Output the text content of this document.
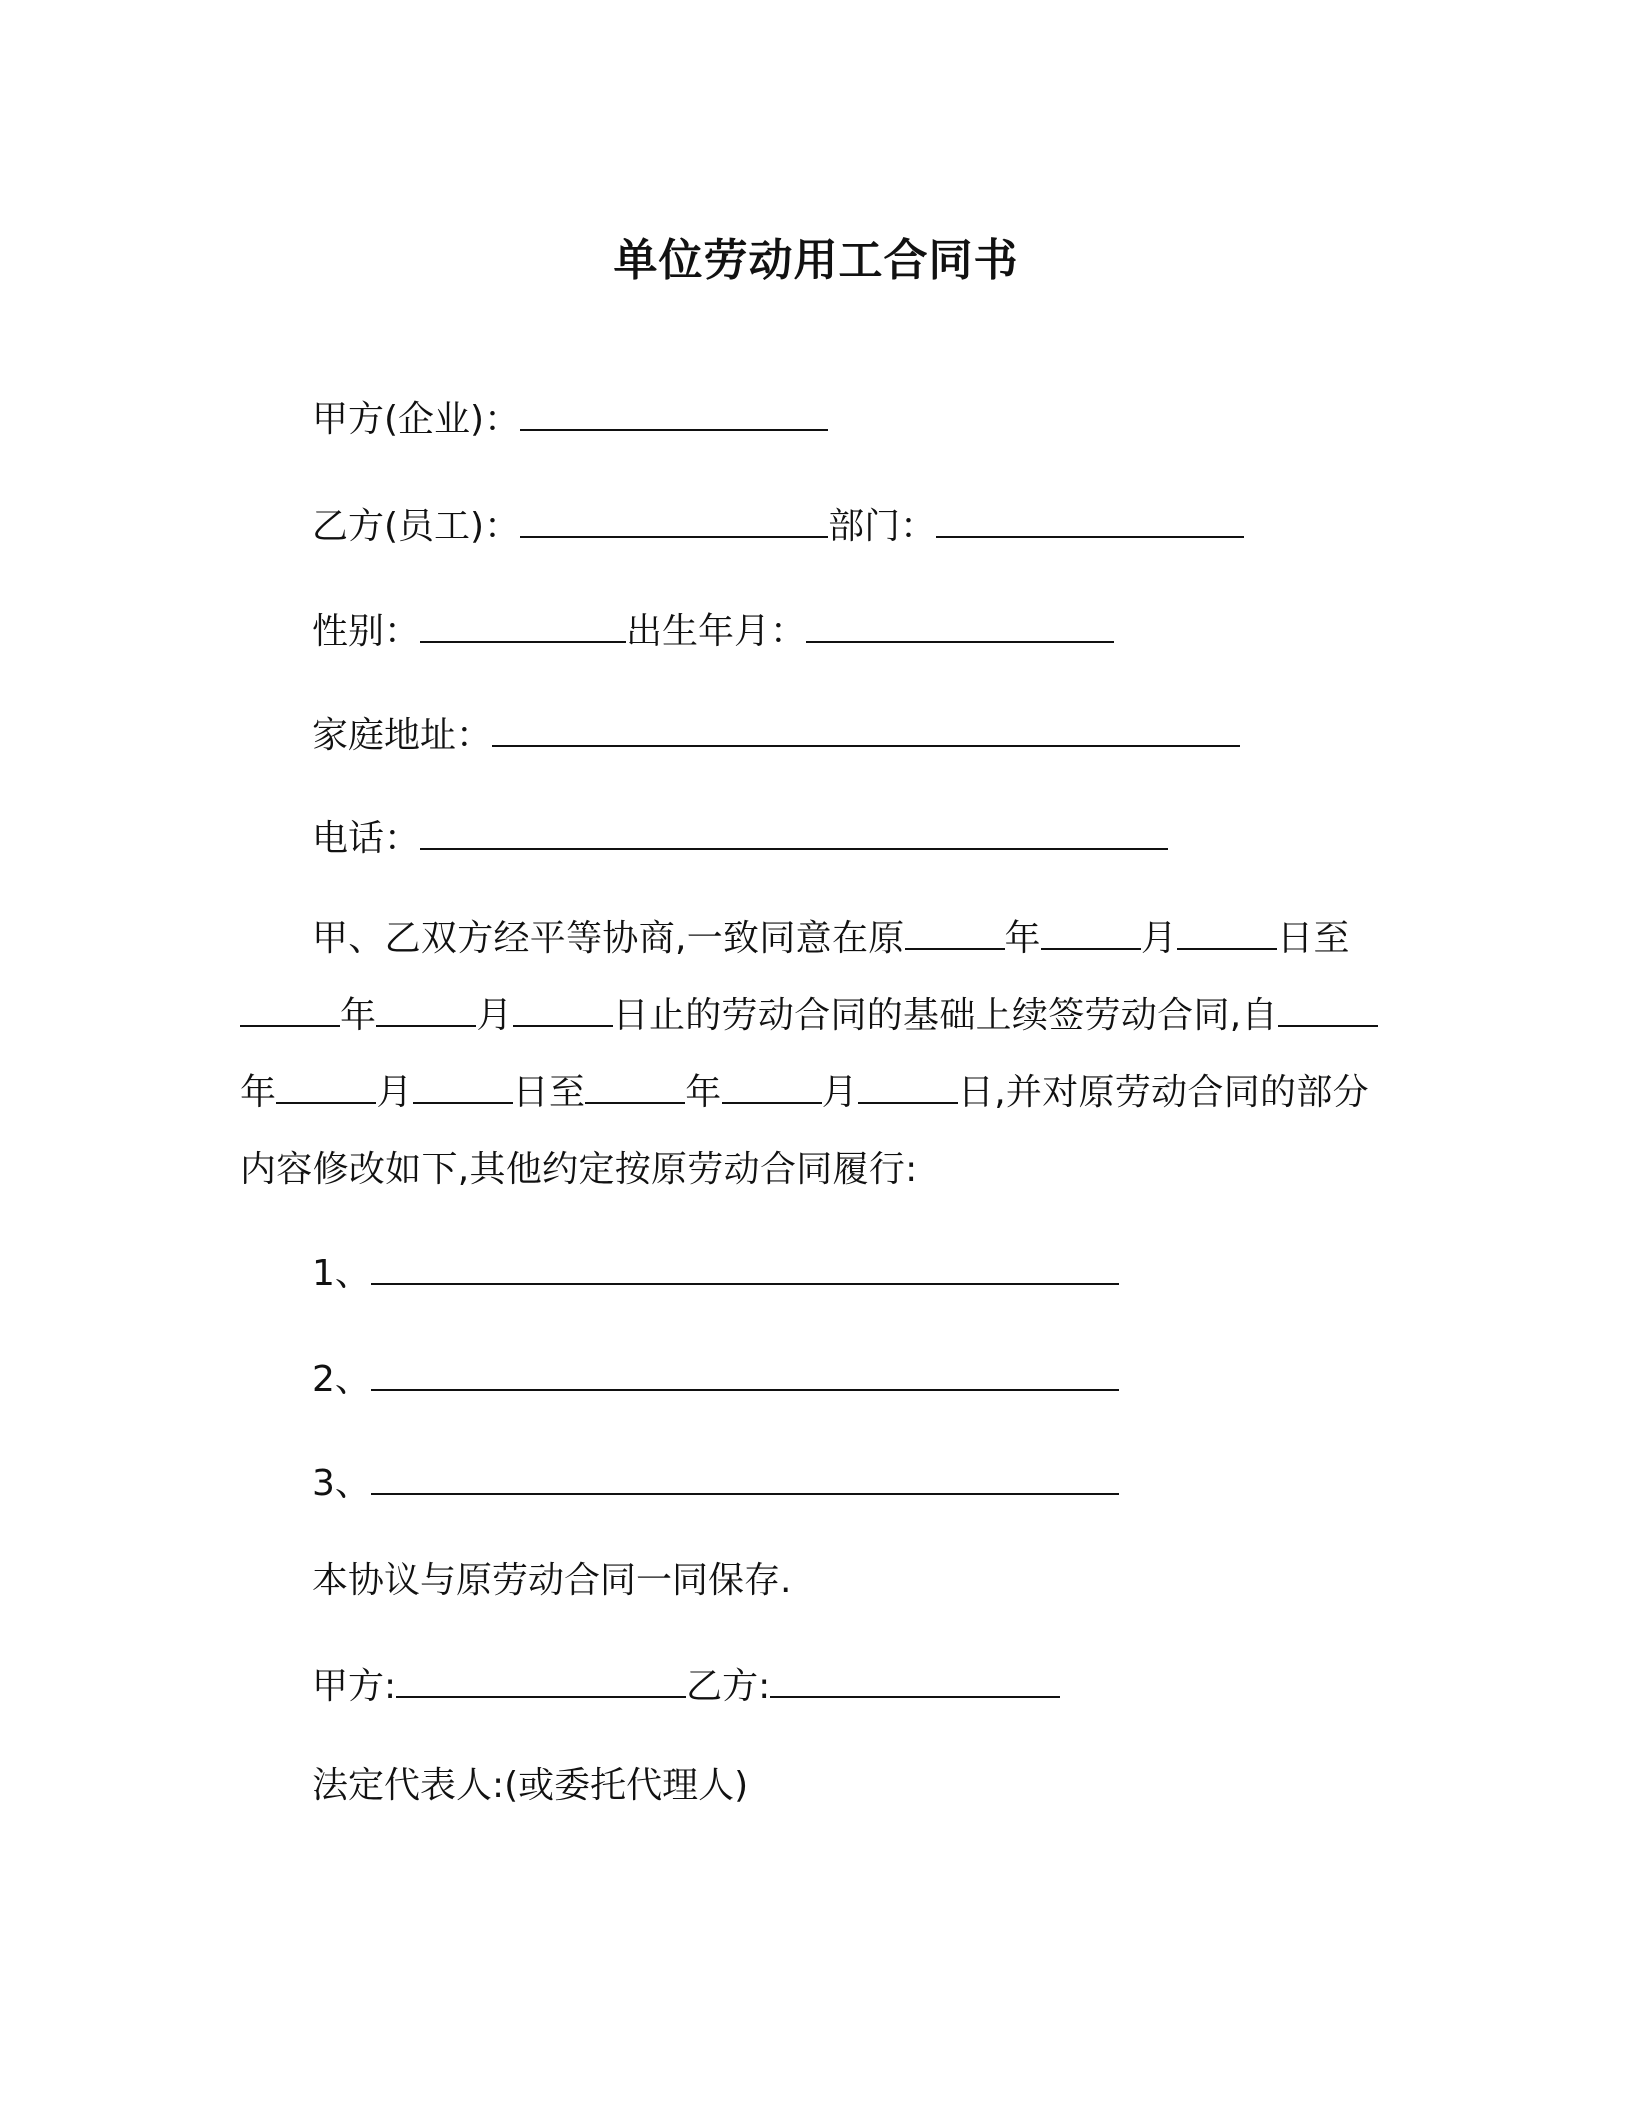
单位劳动用工合同书
甲方(企业)：
乙方(员工)：	部门：
性别：	出生年月：
家庭地址：
电话：
甲、乙双方经平等协商,一致同意在原	年	月	日至年	月	日止的劳动合同的基础上续签劳动合同,自年	月	日至	年	月	日,并对原劳动合同的部分内容修改如下,其他约定按原劳动合同履行:
1、
2、
3、
本协议与原劳动合同一同保存.
甲方:	乙方:
法定代表人:(或委托代理人)
